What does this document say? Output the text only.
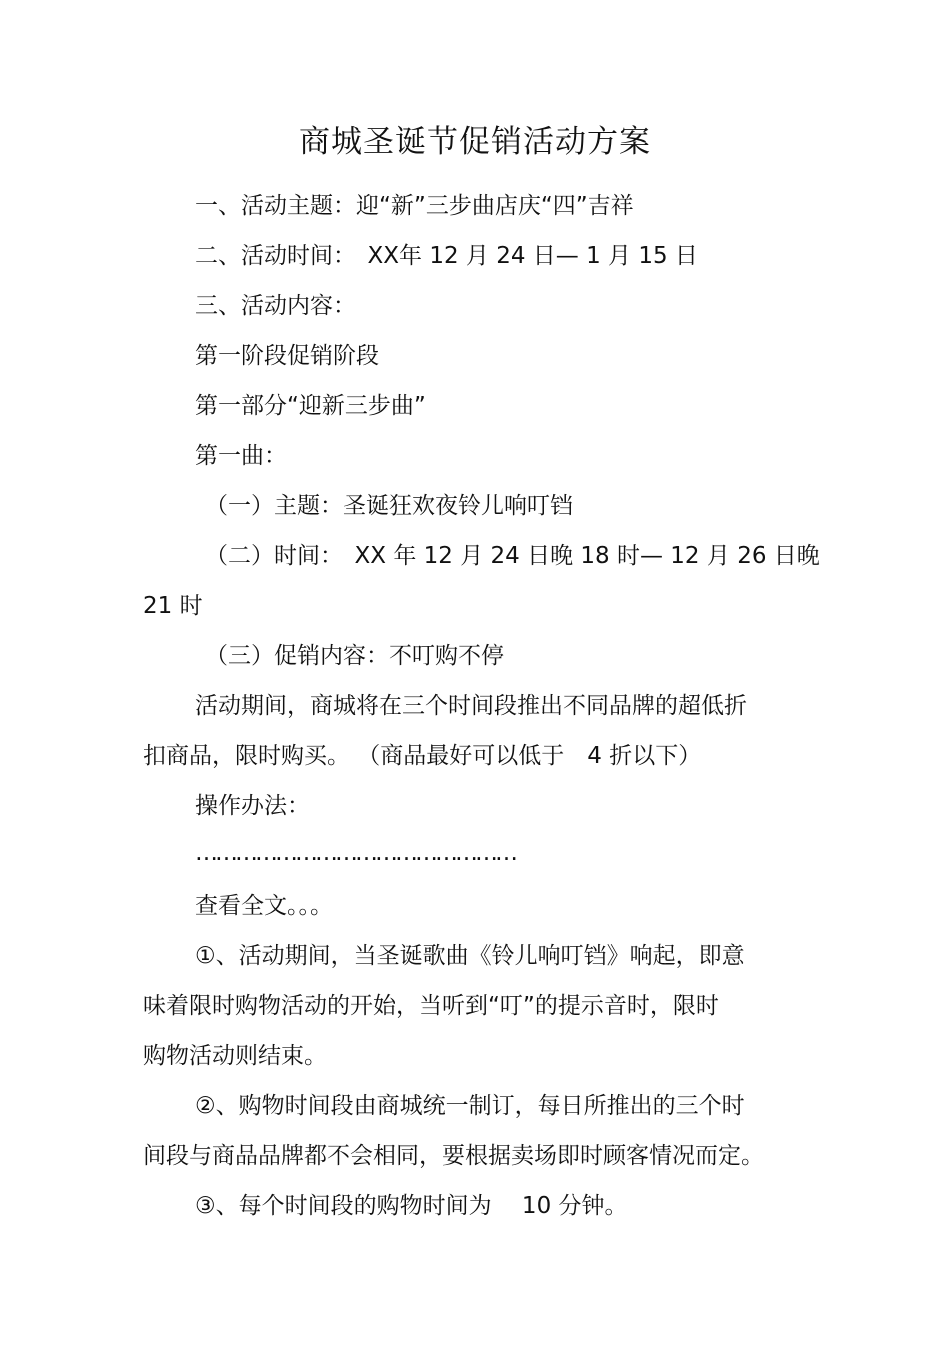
商城圣诞节促销活动方案
一、活动主题：迎“新”三步曲店庆“四”吉祥
二、活动时间：　XX年 12 月 24 日— 1 月 15 日
三、活动内容：
第一阶段促销阶段
第一部分“迎新三步曲”
第一曲：
（一）主题：圣诞狂欢夜铃儿响叮铛
（二）时间：　XX 年 12 月 24 日晚 18 时— 12 月 26 日晚
21 时
（三）促销内容：不叮购不停
活动期间，商城将在三个时间段推出不同品牌的超低折
扣商品，限时购买。 （商品最好可以低于　4 折以下）
操作办法：
…………………………………………
查看全文。。。
①、活动期间，当圣诞歌曲《铃儿响叮铛》响起，即意
味着限时购物活动的开始，当听到“叮”的提示音时，限时
购物活动则结束。
②、购物时间段由商城统一制订，每日所推出的三个时
间段与商品品牌都不会相同，要根据卖场即时顾客情况而定。
③、每个时间段的购物时间为　 10 分钟。
